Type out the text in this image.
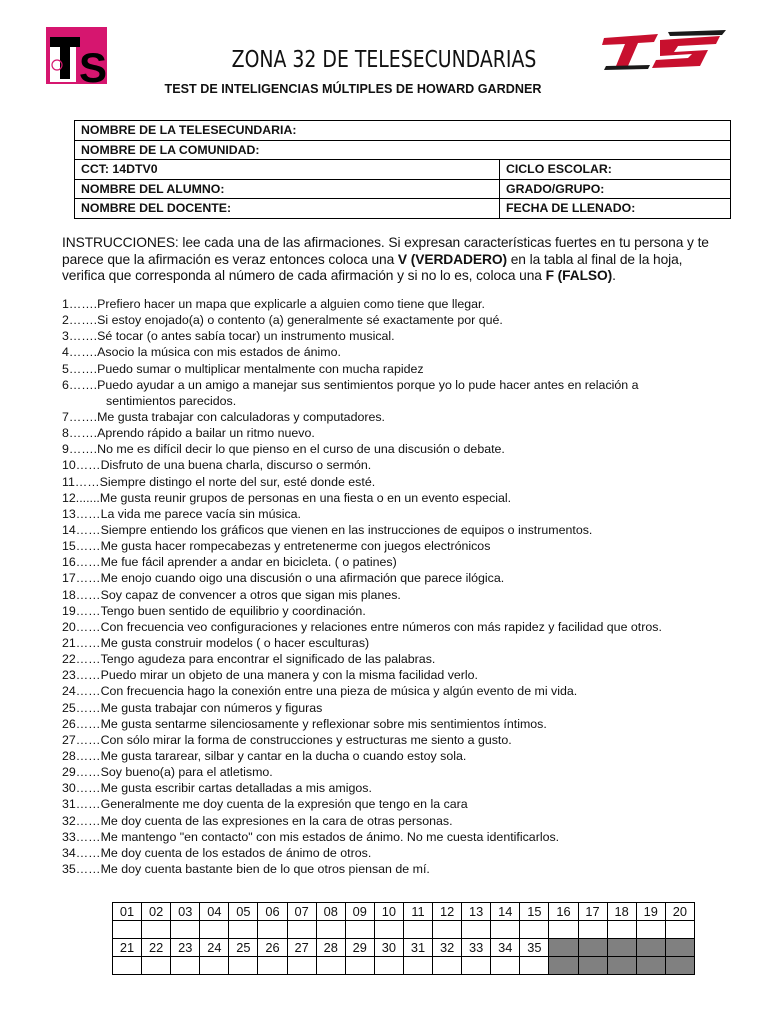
S	ZONA 32 DE TELESECUNDARIAS
TEST DE INTELIGENCIAS MÚLTIPLES DE HOWARD GARDNER
NOMBRE DE LA TELESECUNDARIA:	
NOMBRE DE LA COMUNIDAD:	
CCT: 14DTV0	CICLO ESCOLAR:
NOMBRE DEL ALUMNO:	GRADO/GRUPO:
NOMBRE DEL DOCENTE:	FECHA DE LLENADO:
INSTRUCCIONES: lee cada una de las afirmaciones. Si expresan características fuertes en tu persona y te parece que la afirmación es veraz entonces coloca una V (VERDADERO) en la tabla al final de la hoja, verifica que corresponda al número de cada afirmación y si no lo es, coloca una F (FALSO).
1…….Prefiero hacer un mapa que explicarle a alguien como tiene que llegar.
2…….Si estoy enojado(a) o contento (a) generalmente sé exactamente por qué.
3…….Sé tocar (o antes sabía tocar) un instrumento musical.
4…….Asocio la música con mis estados de ánimo.
5…….Puedo sumar o multiplicar mentalmente con mucha rapidez
6…….Puedo ayudar a un amigo a manejar sus sentimientos porque yo lo pude hacer antes en relación a
sentimientos parecidos.
7…….Me gusta trabajar con calculadoras y computadores.
8…….Aprendo rápido a bailar un ritmo nuevo.
9…….No me es difícil decir lo que pienso en el curso de una discusión o debate.
10……Disfruto de una buena charla, discurso o sermón.
11……Siempre distingo el norte del sur, esté donde esté.
12.......Me gusta reunir grupos de personas en una fiesta o en un evento especial.
13……La vida me parece vacía sin música.
14……Siempre entiendo los gráficos que vienen en las instrucciones de equipos o instrumentos.
15……Me gusta hacer rompecabezas y entretenerme con juegos electrónicos
16……Me fue fácil aprender a andar en bicicleta. ( o patines)
17……Me enojo cuando oigo una discusión o una afirmación que parece ilógica.
18……Soy capaz de convencer a otros que sigan mis planes.
19……Tengo buen sentido de equilibrio y coordinación.
20……Con frecuencia veo configuraciones y relaciones entre números con más rapidez y facilidad que otros.
21……Me gusta construir modelos ( o hacer esculturas)
22……Tengo agudeza para encontrar el significado de las palabras.
23……Puedo mirar un objeto de una manera y con la misma facilidad verlo.
24……Con frecuencia hago la conexión entre una pieza de música y algún evento de mi vida.
25……Me gusta trabajar con números y figuras
26……Me gusta sentarme silenciosamente y reflexionar sobre mis sentimientos íntimos.
27……Con sólo mirar la forma de construcciones y estructuras me siento a gusto.
28……Me gusta tararear, silbar y cantar en la ducha o cuando estoy sola.
29……Soy bueno(a) para el atletismo.
30……Me gusta escribir cartas detalladas a mis amigos.
31……Generalmente me doy cuenta de la expresión que tengo en la cara
32……Me doy cuenta de las expresiones en la cara de otras personas.
33……Me mantengo "en contacto" con mis estados de ánimo. No me cuesta identificarlos.
34……Me doy cuenta de los estados de ánimo de otros.
35……Me doy cuenta bastante bien de lo que otros piensan de mí.
01	02	03	04	05	06	07	08	09	10	11	12	13	14	15	16	17	18	19	20

21	22	23	24	25	26	27	28	29	30	31	32	33	34	35					
